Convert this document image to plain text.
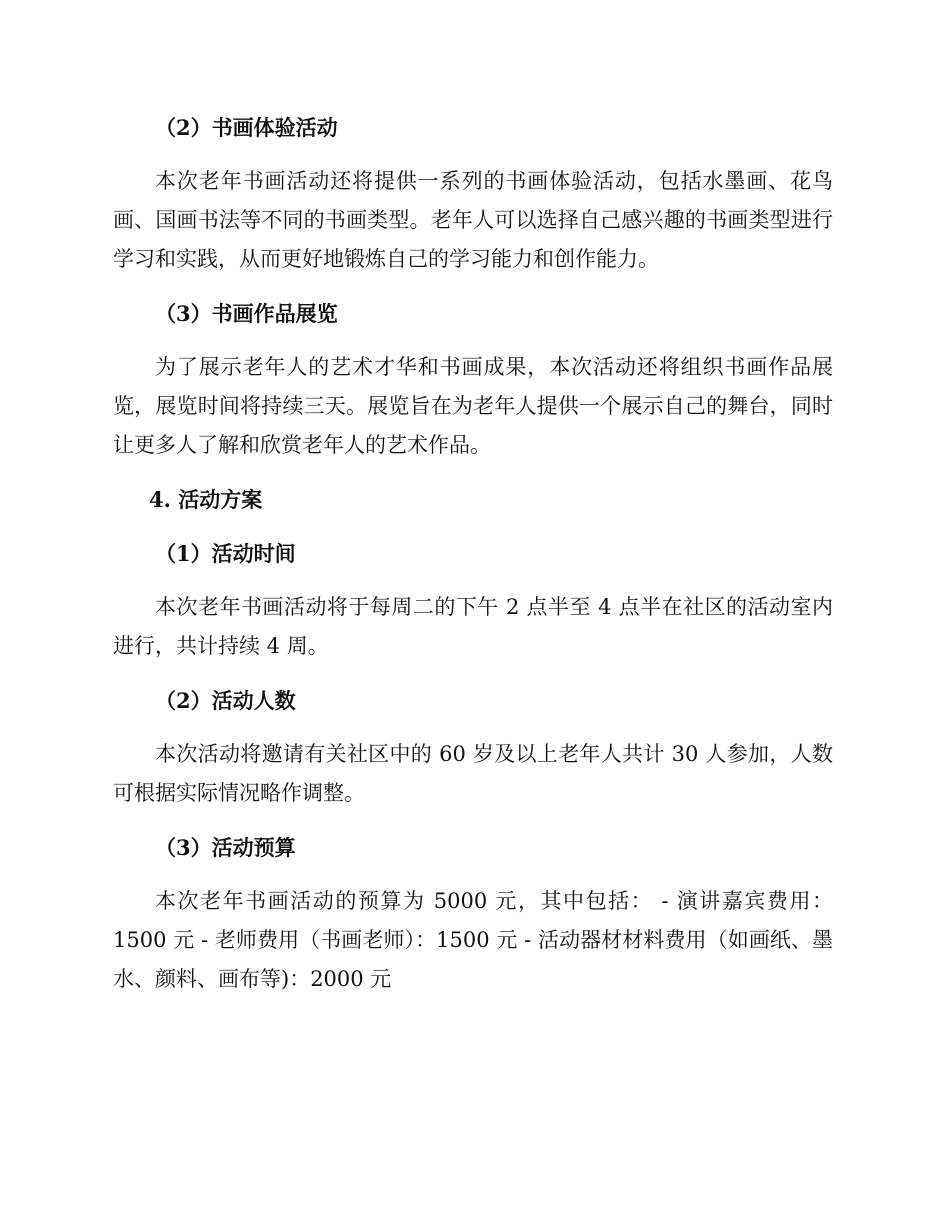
（2）书画体验活动

本次老年书画活动还将提供一系列的书画体验活动，包括水墨画、花鸟画、国画书法等不同的书画类型。老年人可以选择自己感兴趣的书画类型进行学习和实践，从而更好地锻炼自己的学习能力和创作能力。

（3）书画作品展览

为了展示老年人的艺术才华和书画成果，本次活动还将组织书画作品展览，展览时间将持续三天。展览旨在为老年人提供一个展示自己的舞台，同时让更多人了解和欣赏老年人的艺术作品。

4. 活动方案

（1）活动时间

本次老年书画活动将于每周二的下午 2 点半至 4 点半在社区的活动室内进行，共计持续 4 周。

（2）活动人数

本次活动将邀请有关社区中的 60 岁及以上老年人共计 30 人参加，人数可根据实际情况略作调整。

（3）活动预算

本次老年书画活动的预算为 5000 元，其中包括： - 演讲嘉宾费用：1500 元 - 老师费用（书画老师）：1500 元 - 活动器材材料费用（如画纸、墨水、颜料、画布等)：2000 元
